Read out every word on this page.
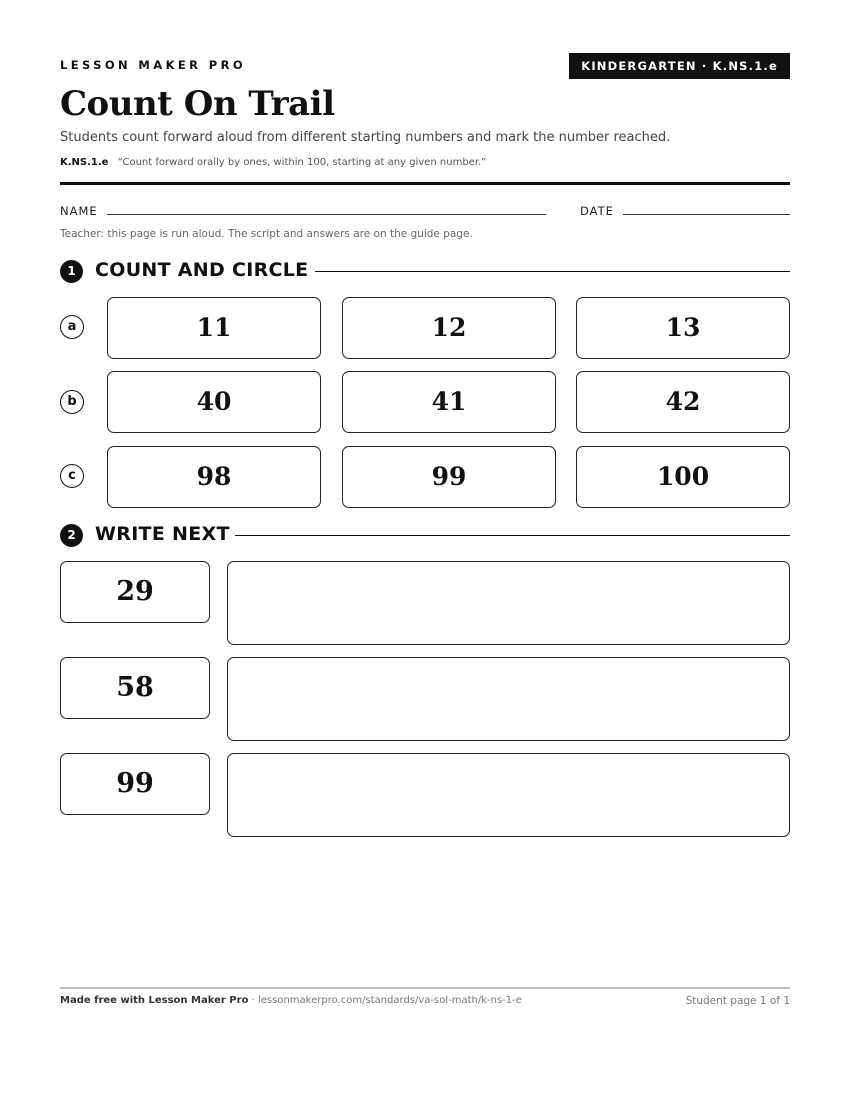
LESSON MAKER PRO	KINDERGARTEN · K.NS.1.e
Count On Trail
Students count forward aloud from different starting numbers and mark the number reached.
K.NS.1.e “Count forward orally by ones, within 100, starting at any given number.”
NAME	DATE
Teacher: this page is run aloud. The script and answers are on the guide page.
1	COUNT AND CIRCLE
a	11	12	13
b	40	41	42
c	98	99	100
2	WRITE NEXT
29
58
99
Made free with Lesson Maker Pro · lessonmakerpro.com/standards/va-sol-math/k-ns-1-e	Student page 1 of 1
